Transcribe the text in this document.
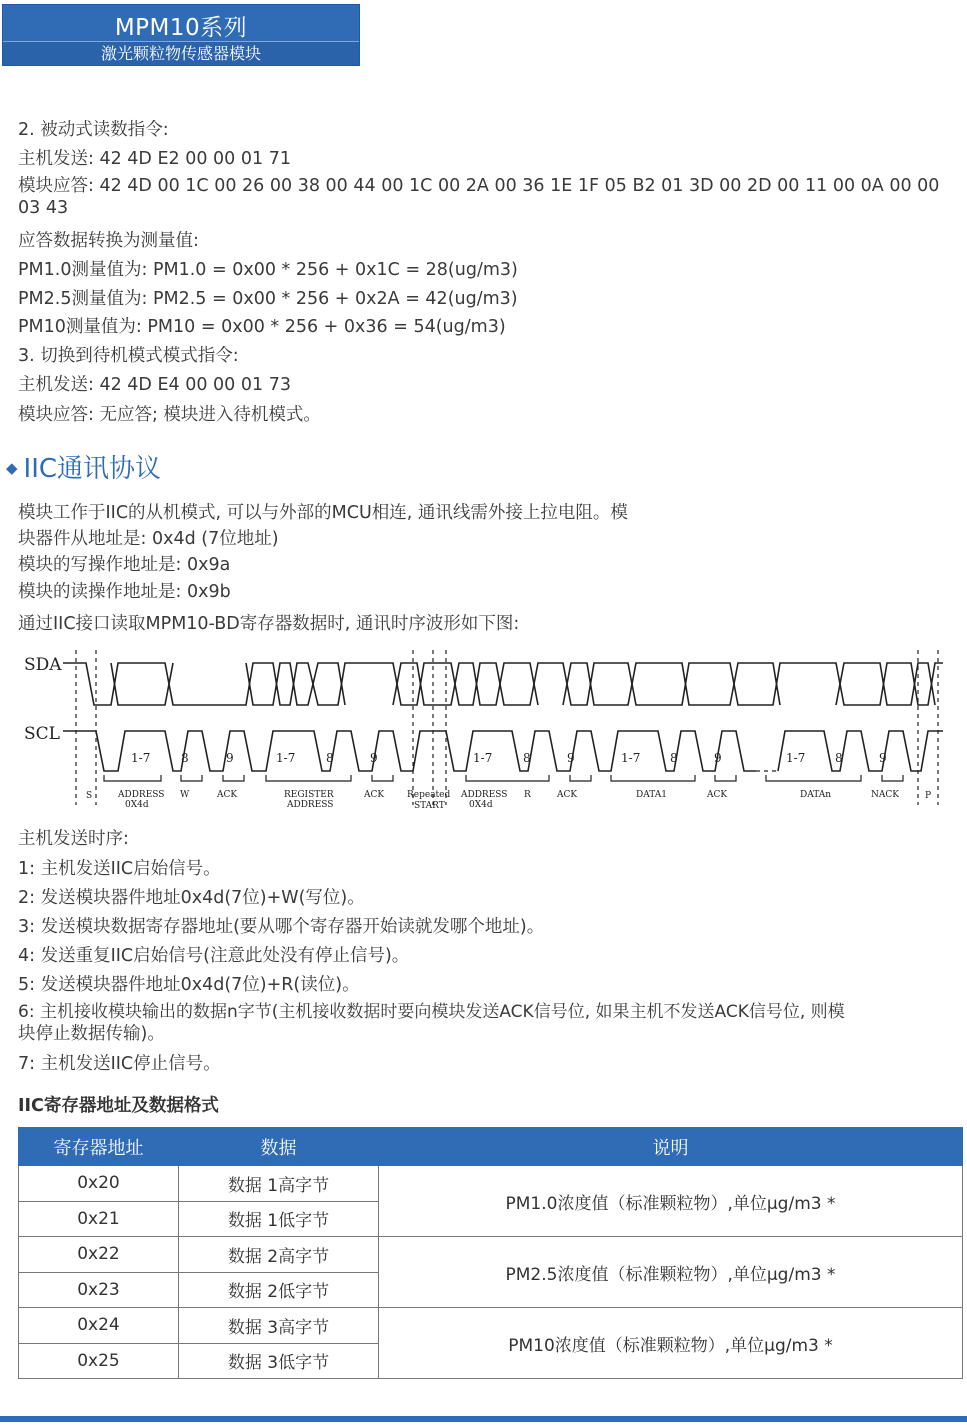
MPM10系列
激光颗粒物传感器模块
2. 被动式读数指令:
主机发送: 42 4D E2 00 00 01 71
模块应答: 42 4D 00 1C 00 26 00 38 00 44 00 1C 00 2A 00 36 1E 1F 05 B2 01 3D 00 2D 00 11 00 0A 00 00
03 43
应答数据转换为测量值:
PM1.0测量值为: PM1.0 = 0x00 * 256 + 0x1C = 28(ug/m3)
PM2.5测量值为: PM2.5 = 0x00 * 256 + 0x2A = 42(ug/m3)
PM10测量值为: PM10 = 0x00 * 256 + 0x36 = 54(ug/m3)
3. 切换到待机模式模式指令:
主机发送: 42 4D E4 00 00 01 73
模块应答: 无应答; 模块进入待机模式。
◆ IIC通讯协议
模块工作于IIC的从机模式, 可以与外部的MCU相连, 通讯线需外接上拉电阻。模
块器件从地址是: 0x4d (7位地址)
模块的写操作地址是: 0x9a
模块的读操作地址是: 0x9b
通过IIC接口读取MPM10-BD寄存器数据时, 通讯时序波形如下图:
SDA
SCL
1-7	8	9	1-7	8	9	1-7	8	9	1-7 8	9	1-7 8	9
S	ADDRESS
0X4d
W	ACK	REGISTER
ADDRESS
ACK	Repeated
START
ADDRESS
0X4d
R	ACK	DATA1	ACK	DATAn	NACK	P
主机发送时序:
1: 主机发送IIC启始信号。
2: 发送模块器件地址0x4d(7位)+W(写位)。
3: 发送模块数据寄存器地址(要从哪个寄存器开始读就发哪个地址)。
4: 发送重复IIC启始信号(注意此处没有停止信号)。
5: 发送模块器件地址0x4d(7位)+R(读位)。
6: 主机接收模块输出的数据n字节(主机接收数据时要向模块发送ACK信号位, 如果主机不发送ACK信号位, 则模
块停止数据传输)。
7: 主机发送IIC停止信号。
IIC寄存器地址及数据格式
寄存器地址	数据	说明
0x20	数据 1高字节	PM1.0浓度值（标准颗粒物）,单位μg/m3 *
0x21	数据 1低字节	
0x22	数据 2高字节	PM2.5浓度值（标准颗粒物）,单位μg/m3 *
0x23	数据 2低字节	
0x24	数据 3高字节	PM10浓度值（标准颗粒物）,单位μg/m3 *
0x25	数据 3低字节	
